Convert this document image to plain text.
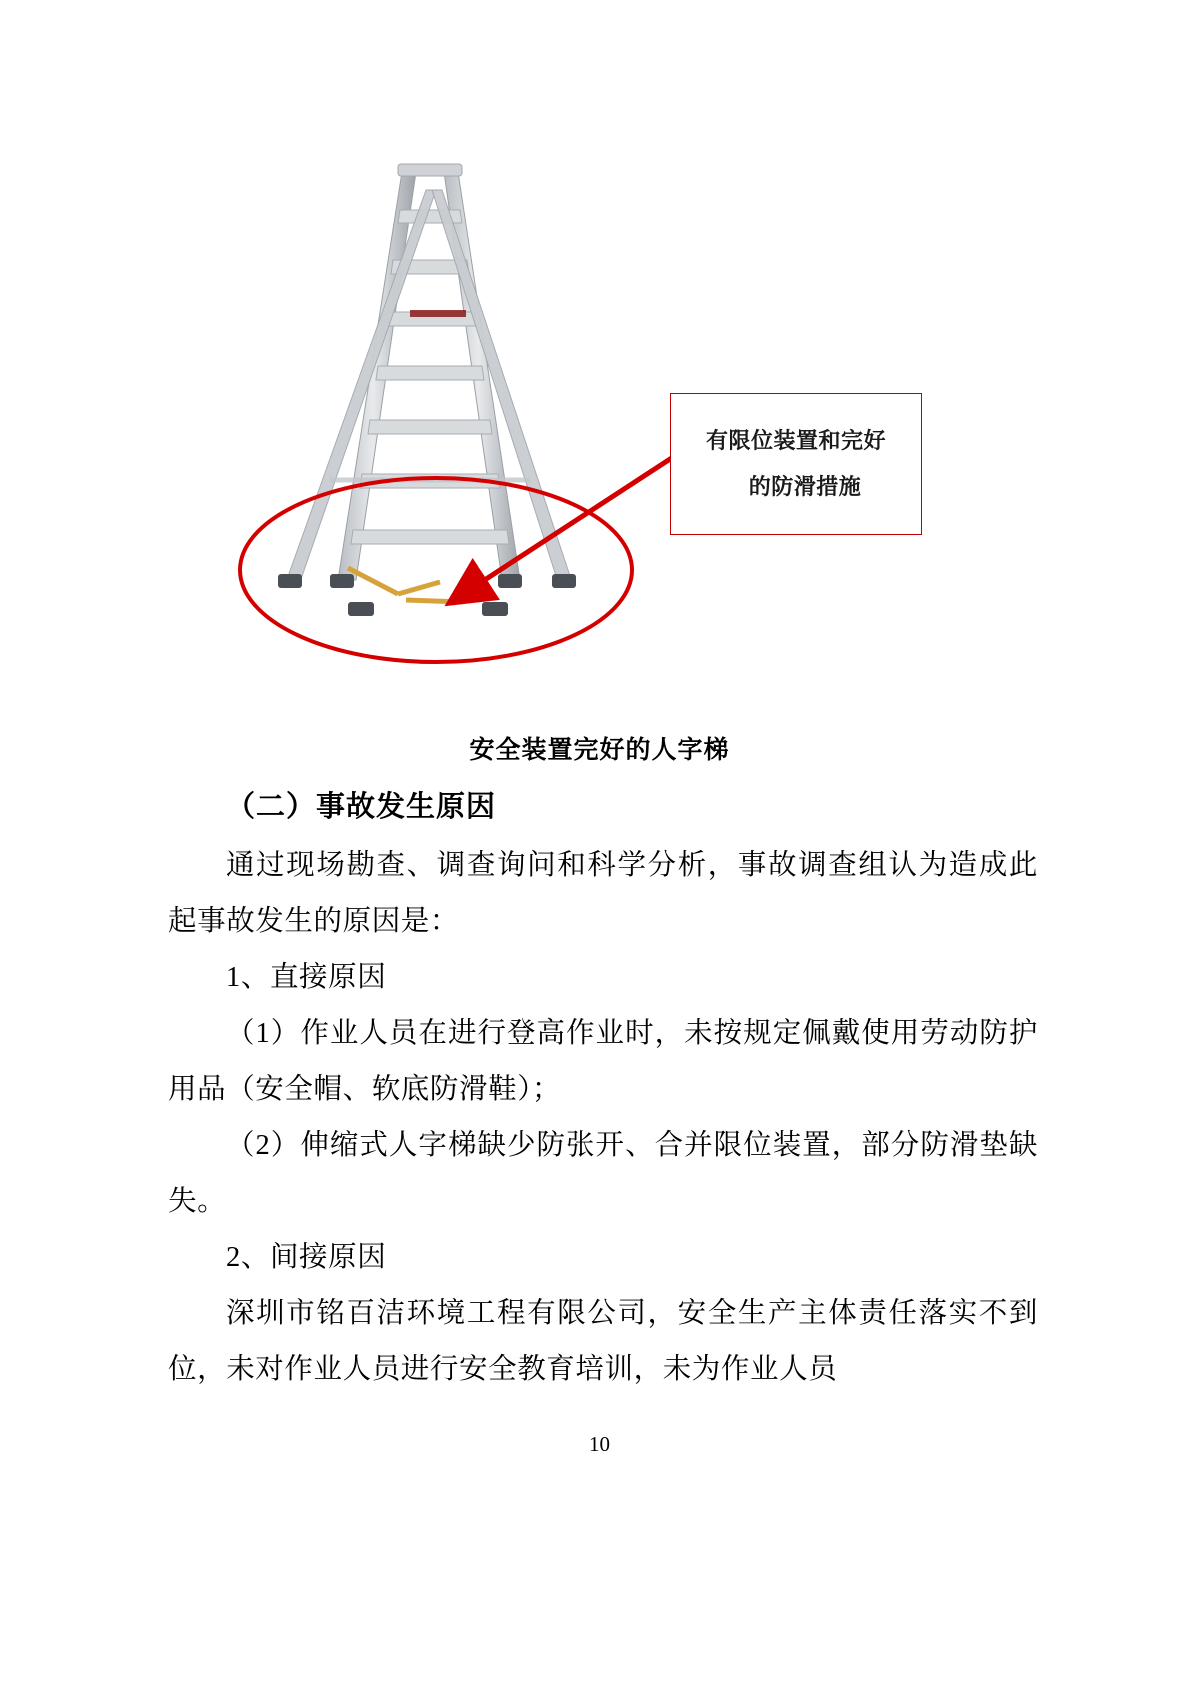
有限位装置和完好
的防滑措施
安全装置完好的人字梯
（二）事故发生原因

通过现场勘查、调查询问和科学分析，事故调查组认为造成此起事故发生的原因是：

1、直接原因

（1）作业人员在进行登高作业时，未按规定佩戴使用劳动防护用品（安全帽、软底防滑鞋）；

（2）伸缩式人字梯缺少防张开、合并限位装置，部分防滑垫缺失。

2、间接原因

深圳市铭百洁环境工程有限公司，安全生产主体责任落实不到位，未对作业人员进行安全教育培训，未为作业人员

10
